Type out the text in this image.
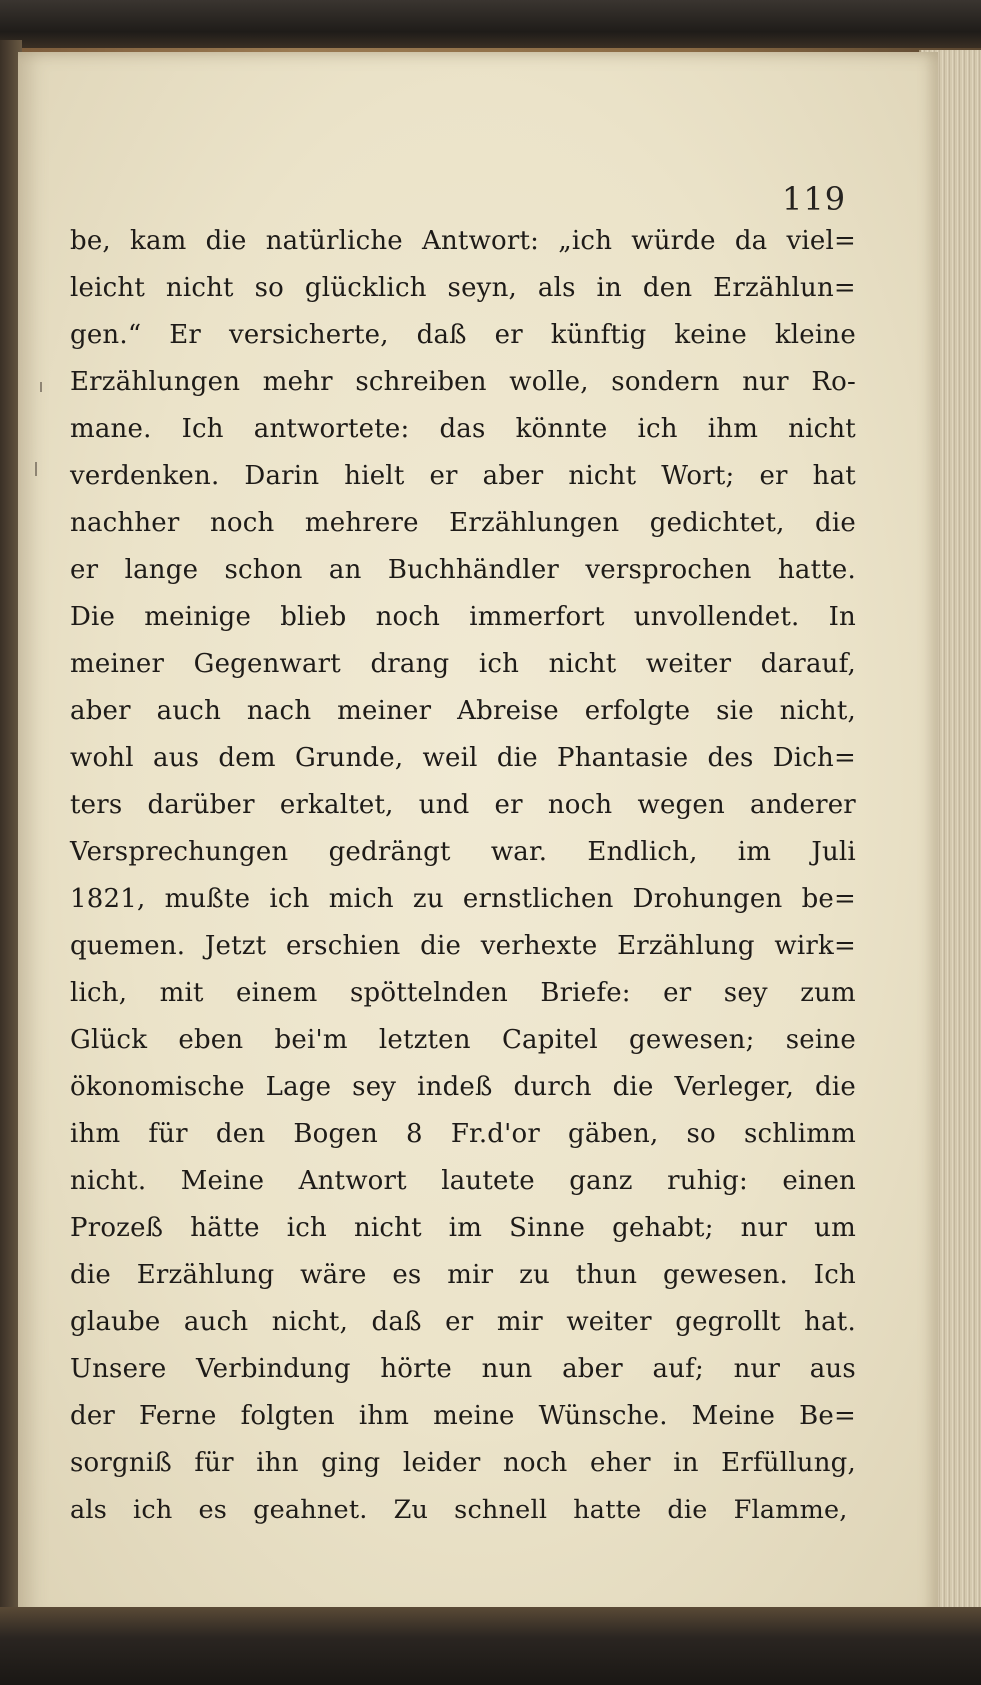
119
be, kam die natürliche Antwort: „ich würde da viel=
leicht nicht so glücklich seyn, als in den Erzählun=
gen.“ Er versicherte, daß er künftig keine kleine
Erzählungen mehr schreiben wolle, sondern nur Ro-
mane. Ich antwortete: das könnte ich ihm nicht
verdenken. Darin hielt er aber nicht Wort; er hat
nachher noch mehrere Erzählungen gedichtet, die
er lange schon an Buchhändler versprochen hatte.
Die meinige blieb noch immerfort unvollendet. In
meiner Gegenwart drang ich nicht weiter darauf,
aber auch nach meiner Abreise erfolgte sie nicht,
wohl aus dem Grunde, weil die Phantasie des Dich=
ters darüber erkaltet, und er noch wegen anderer
Versprechungen gedrängt war. Endlich, im Juli
1821, mußte ich mich zu ernstlichen Drohungen be=
quemen. Jetzt erschien die verhexte Erzählung wirk=
lich, mit einem spöttelnden Briefe: er sey zum
Glück eben bei'm letzten Capitel gewesen; seine
ökonomische Lage sey indeß durch die Verleger, die
ihm für den Bogen 8 Fr.d'or gäben, so schlimm
nicht. Meine Antwort lautete ganz ruhig: einen
Prozeß hätte ich nicht im Sinne gehabt; nur um
die Erzählung wäre es mir zu thun gewesen. Ich
glaube auch nicht, daß er mir weiter gegrollt hat.
Unsere Verbindung hörte nun aber auf; nur aus
der Ferne folgten ihm meine Wünsche. Meine Be=
sorgniß für ihn ging leider noch eher in Erfüllung,
als ich es geahnet. Zu schnell hatte die Flamme,
